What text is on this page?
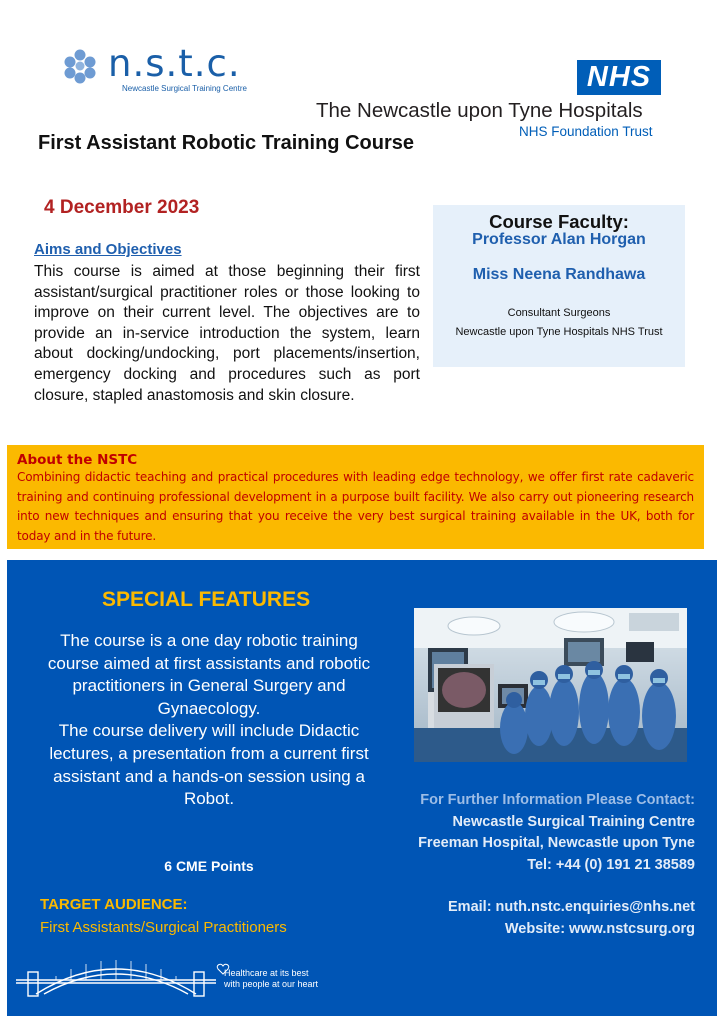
n.s.t.c.
Newcastle Surgical Training Centre	NHS
The Newcastle upon Tyne Hospitals
NHS Foundation Trust
First Assistant Robotic Training Course
4 December 2023
Aims and Objectives
This course is aimed at those beginning their first assistant/surgical practitioner roles or those looking to improve on their current level. The objectives are to provide an in-service introduction the system, learn about docking/undocking, port placements/insertion, emergency docking and procedures such as port closure, stapled anastomosis and skin closure.
Course Faculty:
Professor Alan Horgan
Miss Neena Randhawa
Consultant Surgeons
Newcastle upon Tyne Hospitals NHS Trust
About the NSTC
Combining didactic teaching and practical procedures with leading edge technology, we offer first rate cadaveric training and continuing professional development in a purpose built facility. We also carry out pioneering research into new techniques and ensuring that you receive the very best surgical training available in the UK, both for today and in the future.
SPECIAL FEATURES
The course is a one day robotic training course aimed at first assistants and robotic practitioners in General Surgery and Gynaecology.
The course delivery will include Didactic lectures, a presentation from a current first assistant and a hands-on session using a Robot.
6 CME Points
TARGET AUDIENCE:
First Assistants/Surgical Practitioners
For Further Information Please Contact:
Newcastle Surgical Training Centre
Freeman Hospital, Newcastle upon Tyne
Tel: +44 (0) 191 21 38589
Email: nuth.nstc.enquiries@nhs.net
Website: www.nstcsurg.org
Healthcare at its best
with people at our heart
